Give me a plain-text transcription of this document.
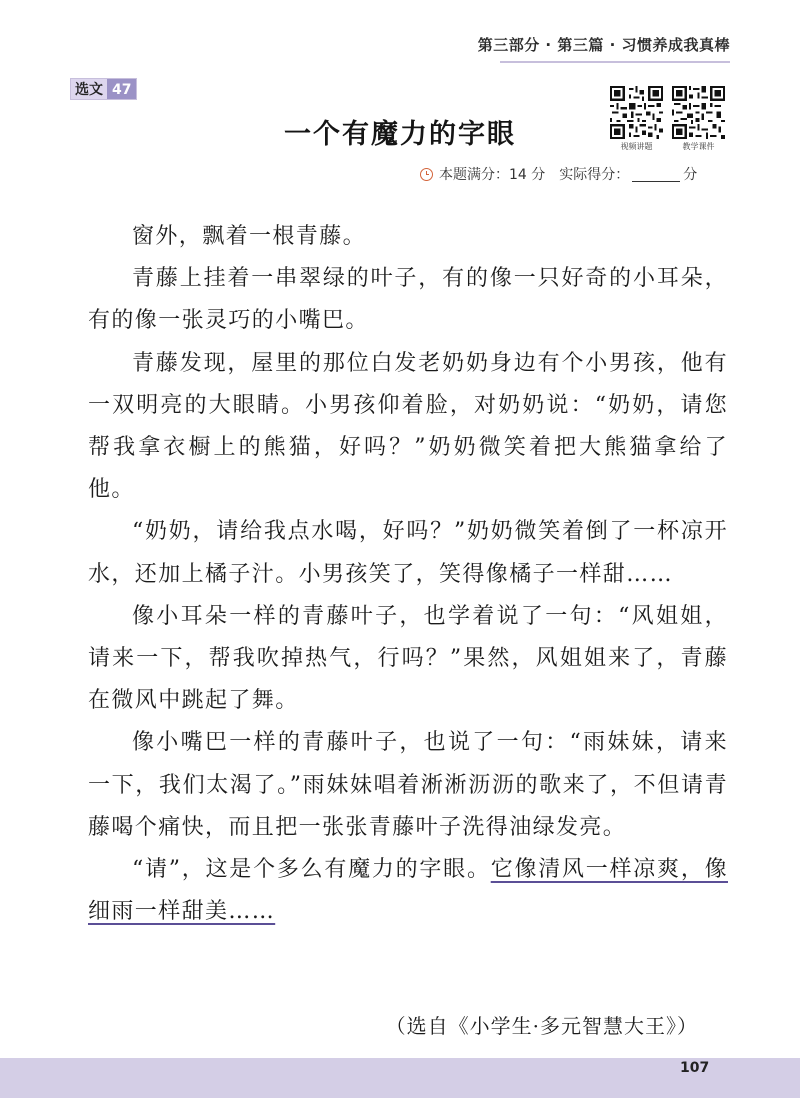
第三部分 · 第三篇 · 习惯养成我真棒
选文 47
一个有魔力的字眼	视频讲题	教学课件
本题满分：14 分 实际得分：	分

窗外，飘着一根青藤。

青藤上挂着一串翠绿的叶子，有的像一只好奇的小耳朵，有的像一张灵巧的小嘴巴。

青藤发现，屋里的那位白发老奶奶身边有个小男孩，他有一双明亮的大眼睛。小男孩仰着脸，对奶奶说：“奶奶，请您帮我拿衣橱上的熊猫，好吗？”奶奶微笑着把大熊猫拿给了他。

“奶奶，请给我点水喝，好吗？”奶奶微笑着倒了一杯凉开水，还加上橘子汁。小男孩笑了，笑得像橘子一样甜……

像小耳朵一样的青藤叶子，也学着说了一句：“风姐姐，请来一下，帮我吹掉热气，行吗？”果然，风姐姐来了，青藤在微风中跳起了舞。

像小嘴巴一样的青藤叶子，也说了一句：“雨妹妹，请来一下，我们太渴了。”雨妹妹唱着淅淅沥沥的歌来了，不但请青藤喝个痛快，而且把一张张青藤叶子洗得油绿发亮。

“请”，这是个多么有魔力的字眼。它像清风一样凉爽，像细雨一样甜美……

（选自《小学生·多元智慧大王》）
107
